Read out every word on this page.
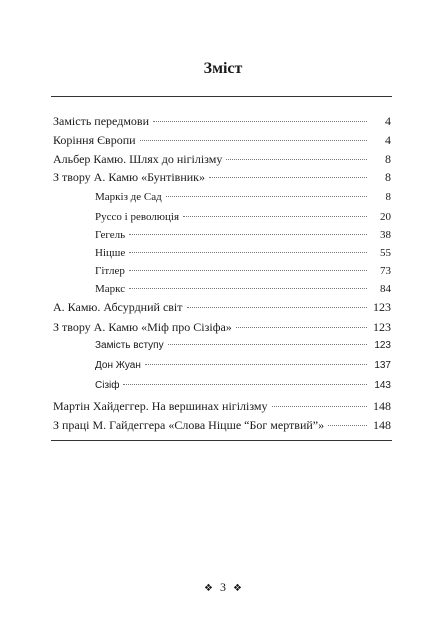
Зміст
Замість передмови	4
Коріння Європи	4
Альбер Камю. Шлях до нігілізму	8
З твору А. Камю «Бунтівник»	8
Маркіз де Сад	8
Руссо і революція	20
Гегель	38
Ніцше	55
Гітлер	73
Маркс	84
А. Камю. Абсурдний світ	123
З твору А. Камю «Міф про Сізіфа»	123
Замість вступу	123
Дон Жуан	137
Сізіф	143
Мартін Хайдеггер. На вершинах нігілізму	148
З праці М. Гайдеггера «Слова Ніцше “Бог мертвий”»	148
❖ 3 ❖
